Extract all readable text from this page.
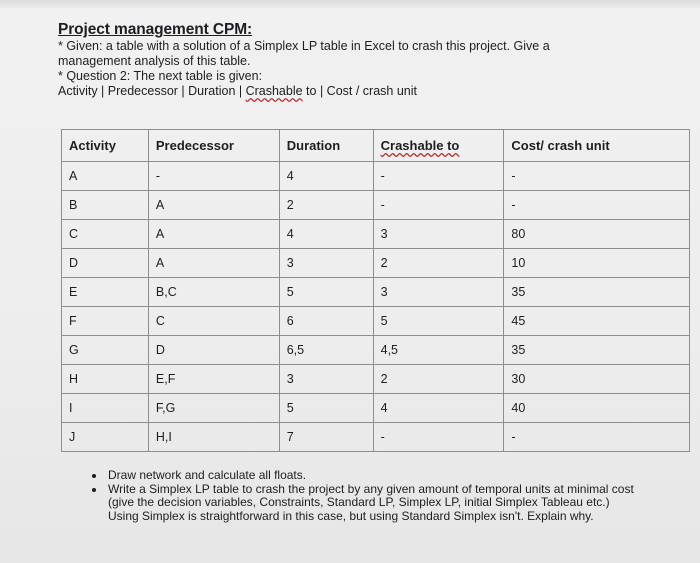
Project management CPM:
* Given: a table with a solution of a Simplex LP table in Excel to crash this project. Give a
management analysis of this table.
* Question 2: The next table is given:
Activity | Predecessor | Duration | Crashable to | Cost / crash unit
Activity	Predecessor	Duration	Crashable to	Cost/ crash unit
A	-	4	-	-
B	A	2	-	-
C	A	4	3	80
D	A	3	2	10
E	B,C	5	3	35
F	C	6	5	45
G	D	6,5	4,5	35
H	E,F	3	2	30
I	F,G	5	4	40
J	H,I	7	-	-
• Draw network and calculate all floats.
• Write a Simplex LP table to crash the project by any given amount of temporal units at minimal cost (give the decision variables, Constraints, Standard LP, Simplex LP, initial Simplex Tableau etc.) Using Simplex is straightforward in this case, but using Standard Simplex isn't. Explain why.
